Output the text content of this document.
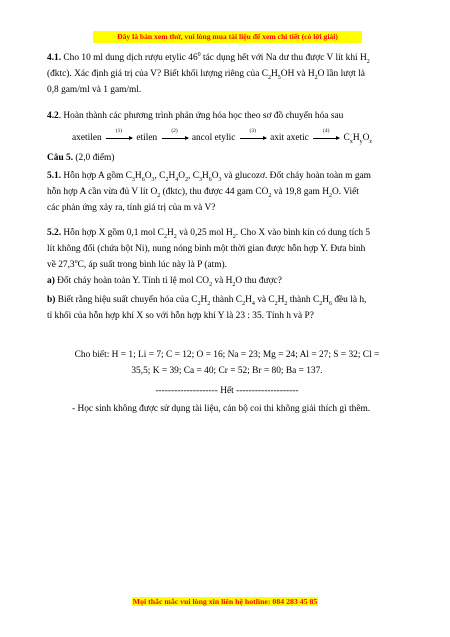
Đây là bản xem thử, vui lòng mua tài liệu để xem chi tiết (có lời giải)

4.1. Cho 10 ml dung dịch rượu etylic $46^0$ tác dụng hết với Na dư thu được V lít khí $H_2$
(đktc). Xác định giá trị của V? Biết khối lượng riêng của $C_2H_5OH$ và $H_2O$ lần lượt là
0,8 gam/ml và 1 gam/ml.

4.2. Hoàn thành các phương trình phản ứng hóa học theo sơ đồ chuyển hóa sau

axetilen
(1)
etilen
(2)
ancol etylic
(3)
axit axetic
(4)
$C_xH_yO_z$

Câu 5. (2,0 điểm)

5.1. Hỗn hợp A gồm $C_3H_6O_3$, $C_2H_4O_2$, $C_3H_6O_3$ và glucozơ. Đốt cháy hoàn toàn m gam
hỗn hợp A cần vừa đủ V lít $O_2$ (đktc), thu được 44 gam $CO_2$ và 19,8 gam $H_2O$. Viết
các phản ứng xảy ra, tính giá trị của m và V?

5.2. Hỗn hợp X gồm 0,1 mol $C_2H_2$ và 0,25 mol $H_2$. Cho X vào bình kín có dung tích 5
lít không đổi (chứa bột Ni), nung nóng bình một thời gian được hỗn hợp Y. Đưa bình
về 27,3$^o$C, áp suất trong bình lúc này là P (atm).

a) Đốt cháy hoàn toàn Y. Tính tỉ lệ mol $CO_2$ và $H_2O$ thu được?

b) Biết rằng hiệu suất chuyển hóa của $C_2H_2$ thành $C_2H_4$ và $C_2H_2$ thành $C_2H_6$ đều là h,
tỉ khối của hỗn hợp khí X so với hỗn hợp khí Y là 23 : 35. Tính h và P?

Cho biết: H = 1; Li = 7; C = 12; O = 16; Na = 23; Mg = 24; Al = 27; S = 32; Cl =
35,5; K = 39; Ca = 40; Cr = 52; Br = 80; Ba = 137.

-------------------- Hết --------------------

- Học sinh không được sử dụng tài liệu, cán bộ coi thi không giải thích gì thêm.

Mọi thắc mắc vui lòng xin liên hệ hotline: 084 283 45 85
